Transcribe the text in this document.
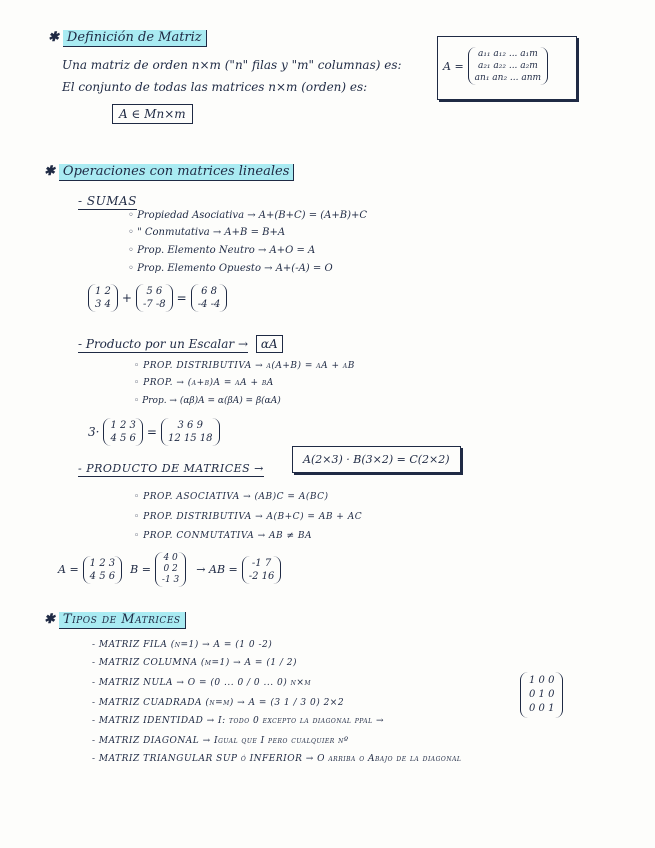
✱ Definición de Matriz
Una matriz de orden n×m ("n" filas y "m" columnas) es:
El conjunto de todas las matrices n×m (orden) es:
A ∈ Mn×m
A =
a₁₁ a₁₂ ... a₁m
a₂₁ a₂₂ ... a₂m
an₁ an₂ ... anm
✱ Operaciones con matrices lineales
- SUMAS
◦ Propiedad Asociativa → A+(B+C) = (A+B)+C
◦ " Conmutativa → A+B = B+A
◦ Prop. Elemento Neutro → A+O = A
◦ Prop. Elemento Opuesto → A+(-A) = O
1 2
3 4 +	5 6
-7 -8 =	6 8
-4 -4
- Producto por un Escalar → αA
◦ PROP. DISTRIBUTIVA → α(A+B) = αA + αB
◦ PROP. → (α+β)A = αA + βA
◦ Prop. → (αβ)A = α(βA) = β(αA)
3· 1 2 3
4 5 6 =	3 6 9
12 15 18
- PRODUCTO DE MATRICES →
A(2×3) · B(3×2) = C(2×2)
◦ PROP. ASOCIATIVA → (AB)C = A(BC)
◦ PROP. DISTRIBUTIVA → A(B+C) = AB + AC
◦ PROP. CONMUTATIVA → AB ≠ BA
A = 1 2 3
4 5 6 B =
4 0
0 2
-1 3
→ AB =	-1 7
-2 16
✱ Tipos de Matrices
- MATRIZ FILA (n=1) → A = (1 0 -2)
- MATRIZ COLUMNA (m=1) → A = (1 / 2)
- MATRIZ NULA → O = (0 ... 0 / 0 ... 0) n×m
- MATRIZ CUADRADA (n=m) → A = (3 1 / 3 0) 2×2
- MATRIZ IDENTIDAD → I: todo 0 excepto la diagonal ppal →
- MATRIZ DIAGONAL → Igual que I pero cualquier nº
- MATRIZ TRIANGULAR SUP ó INFERIOR → O arriba o Abajo de la diagonal
1 0 0
0 1 0
0 0 1
